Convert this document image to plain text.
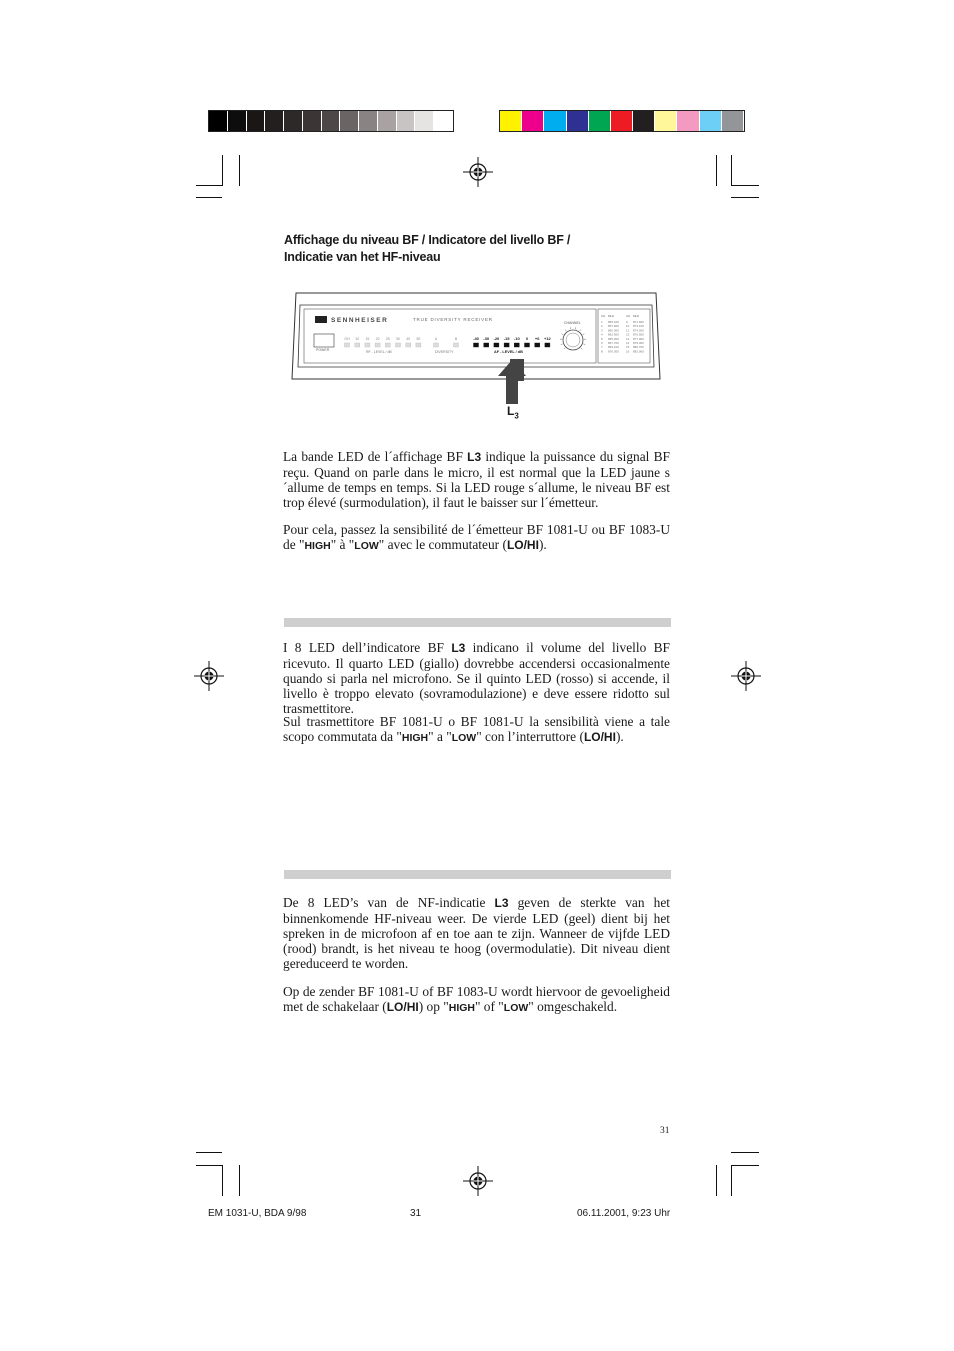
Affichage du niveau BF / Indicatore del livello BF /
Indicatie van het HF-niveau
SENNHEISER	TRUE DIVERSITY RECEIVER
POWER
OH 10 15 20 25 30 40 50
RF - LEVEL / dB
A	B
DIVERSITY
-40 -30 -20 -15 -10 0 +6 +12
AF - LEVEL / dB
CHANNEL
CH MHz	CH MHz
1 855.100 9 871.600
2 857.600 10 873.100
3 860.300 11 874.200
4 862.500 12 876.500
5 865.200 13 877.900
6 867.700 14 879.300
7 869.100 15 880.700
8 870.300 16 882.000
$L_3$
La bande LED de l´affichage BF L3 indique la puissance du signal BF reçu. Quand on parle dans le micro, il est normal que la LED jaune s´allume de temps en temps. Si la LED rouge s´allume, le niveau BF est trop élevé (surmodulation), il faut le baisser sur l´émetteur.
Pour cela, passez la sensibilité de l´émetteur BF 1081-U ou BF 1083-U de "HIGH" à "LOW" avec le commutateur (LO/HI).
I 8 LED dell’indicatore BF L3 indicano il volume del livello BF ricevuto. Il quarto LED (giallo) dovrebbe accendersi occasionalmente quando si parla nel microfono. Se il quinto LED (rosso) si accende, il livello è troppo elevato (sovramodulazione) e deve essere ridotto sul trasmettitore.
Sul trasmettitore BF 1081-U o BF 1081-U la sensibilità viene a tale scopo commutata da "HIGH" a "LOW" con l’interruttore (LO/HI).
De 8 LED’s van de NF-indicatie L3 geven de sterkte van het binnenkomende HF-niveau weer. De vierde LED (geel) dient bij het spreken in de microfoon af en toe aan te zijn. Wanneer de vijfde LED (rood) brandt, is het niveau te hoog (overmodulatie). Dit niveau dient gereduceerd te worden.
Op de zender BF 1081-U of BF 1083-U wordt hiervoor de gevoeligheid met de schakelaar (LO/HI) op "HIGH" of "LOW" omgeschakeld.
31
EM 1031-U, BDA 9/98	31	06.11.2001, 9:23 Uhr
